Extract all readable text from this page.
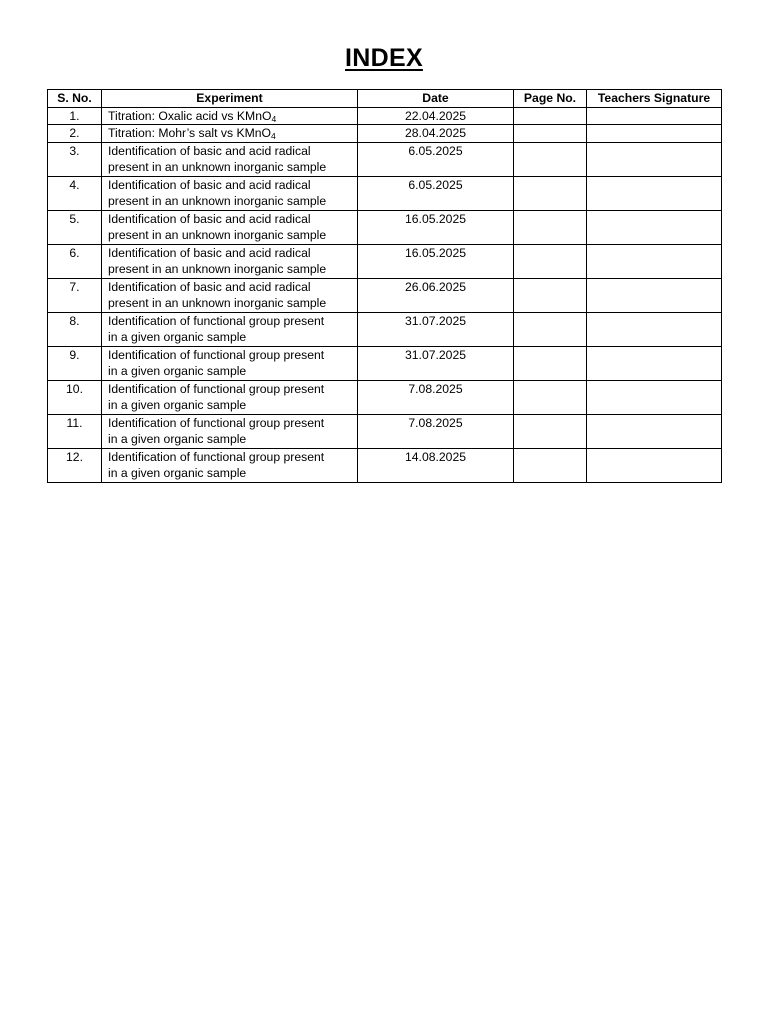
INDEX
S. No.	Experiment	Date	Page No.	Teachers Signature
1.	Titration: Oxalic acid vs KMnO$_4$	22.04.2025		
2.	Titration: Mohr’s salt vs KMnO$_4$	28.04.2025		
3.	Identification of basic and acid radical
present in an unknown inorganic sample	6.05.2025		
4.	Identification of basic and acid radical
present in an unknown inorganic sample	6.05.2025		
5.	Identification of basic and acid radical
present in an unknown inorganic sample	16.05.2025		
6.	Identification of basic and acid radical
present in an unknown inorganic sample	16.05.2025		
7.	Identification of basic and acid radical
present in an unknown inorganic sample	26.06.2025		
8.	Identification of functional group present
in a given organic sample	31.07.2025		
9.	Identification of functional group present
in a given organic sample	31.07.2025		
10.	Identification of functional group present
in a given organic sample	7.08.2025		
11.	Identification of functional group present
in a given organic sample	7.08.2025		
12.	Identification of functional group present
in a given organic sample	14.08.2025		
